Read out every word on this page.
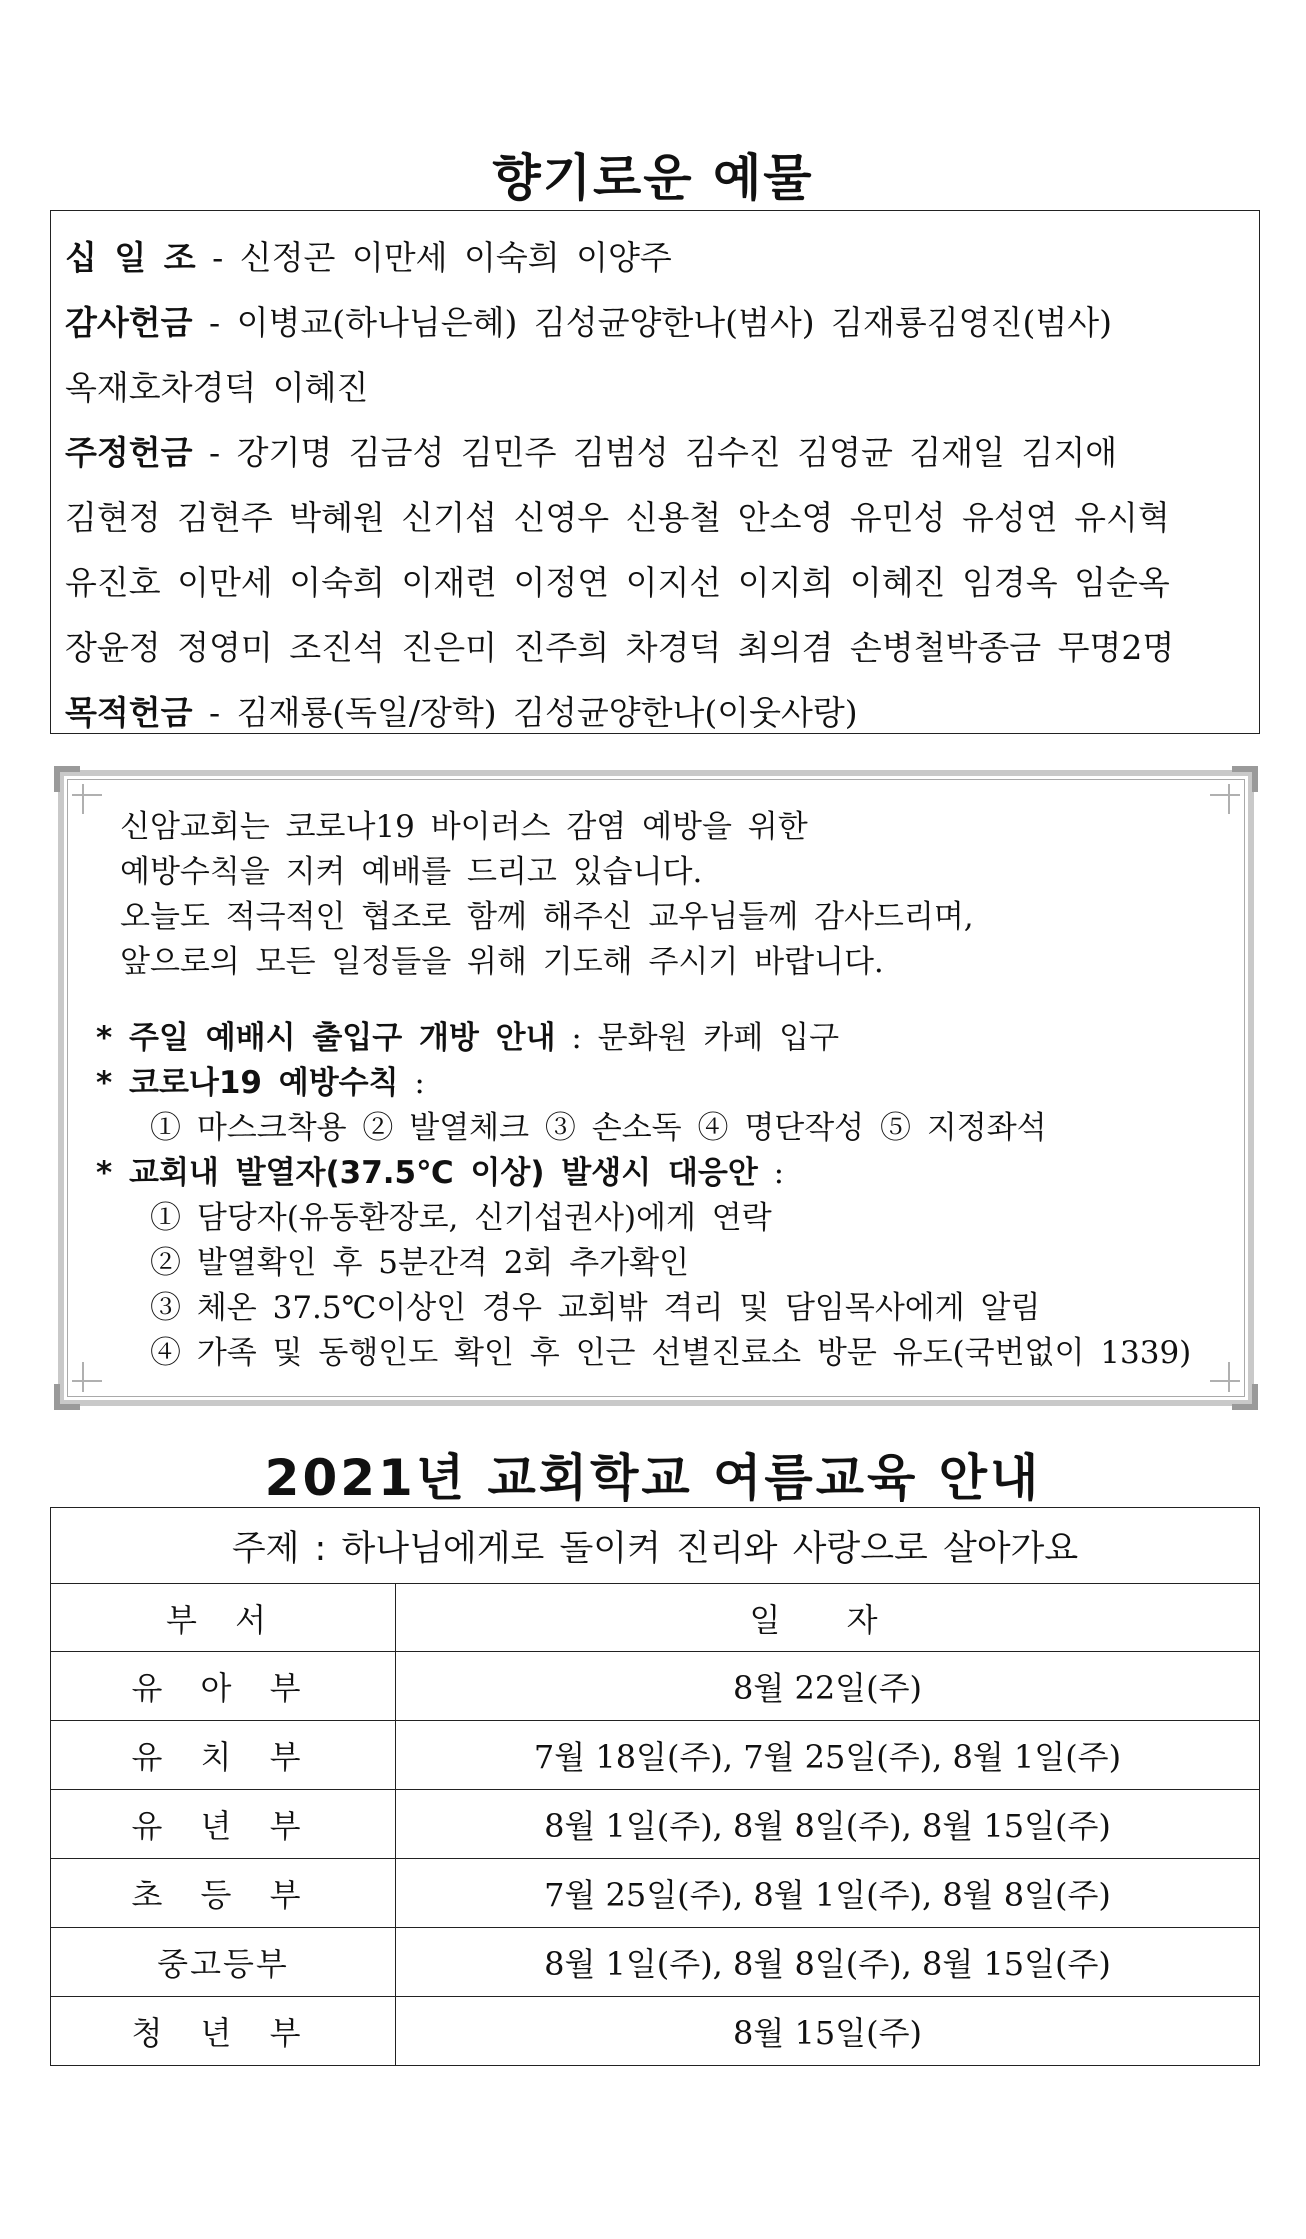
향기로운 예물
십 일 조 - 신정곤 이만세 이숙희 이양주
감사헌금 - 이병교(하나님은혜) 김성균양한나(범사) 김재룡김영진(범사)
옥재호차경덕 이혜진
주정헌금 - 강기명 김금성 김민주 김범성 김수진 김영균 김재일 김지애
김현정 김현주 박혜원 신기섭 신영우 신용철 안소영 유민성 유성연 유시혁
유진호 이만세 이숙희 이재련 이정연 이지선 이지희 이혜진 임경옥 임순옥
장윤정 정영미 조진석 진은미 진주희 차경덕 최의겸 손병철박종금 무명2명
목적헌금 - 김재룡(독일/장학) 김성균양한나(이웃사랑)
신암교회는 코로나19 바이러스 감염 예방을 위한
예방수칙을 지켜 예배를 드리고 있습니다.
오늘도 적극적인 협조로 함께 해주신 교우님들께 감사드리며,
앞으로의 모든 일정들을 위해 기도해 주시기 바랍니다.
* 주일 예배시 출입구 개방 안내 : 문화원 카페 입구
* 코로나19 예방수칙 :
① 마스크착용 ② 발열체크 ③ 손소독 ④ 명단작성 ⑤ 지정좌석
* 교회내 발열자(37.5℃ 이상) 발생시 대응안 :
① 담당자(유동환장로, 신기섭권사)에게 연락
② 발열확인 후 5분간격 2회 추가확인
③ 체온 37.5℃이상인 경우 교회밖 격리 및 담임목사에게 알림
④ 가족 및 동행인도 확인 후 인근 선별진료소 방문 유도(국번없이 1339)
2021년 교회학교 여름교육 안내
주제 : 하나님에게로 돌이켜 진리와 사랑으로 살아가요	
부 서	일 자
유 아 부	8월 22일(주)
유 치 부	7월 18일(주), 7월 25일(주), 8월 1일(주)
유 년 부	8월 1일(주), 8월 8일(주), 8월 15일(주)
초 등 부	7월 25일(주), 8월 1일(주), 8월 8일(주)
중고등부	8월 1일(주), 8월 8일(주), 8월 15일(주)
청 년 부	8월 15일(주)
